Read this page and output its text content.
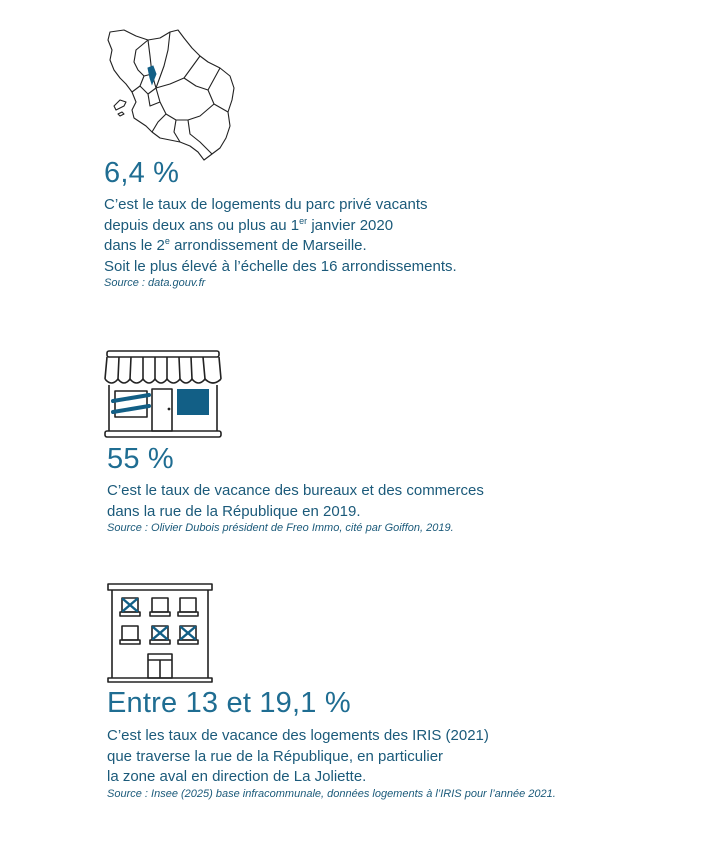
6,4 %
C’est le taux de logements du parc privé vacants
depuis deux ans ou plus au 1er janvier 2020
dans le 2e arrondissement de Marseille.
Soit le plus élevé à l’échelle des 16 arrondissements.
Source : data.gouv.fr
55 %
C’est le taux de vacance des bureaux et des commerces
dans la rue de la République en 2019.
Source : Olivier Dubois président de Freo Immo, cité par Goiffon, 2019.
Entre 13 et 19,1 %
C’est les taux de vacance des logements des IRIS (2021)
que traverse la rue de la République, en particulier
la zone aval en direction de La Joliette.
Source : Insee (2025) base infracommunale, données logements à l’IRIS pour l’année 2021.
